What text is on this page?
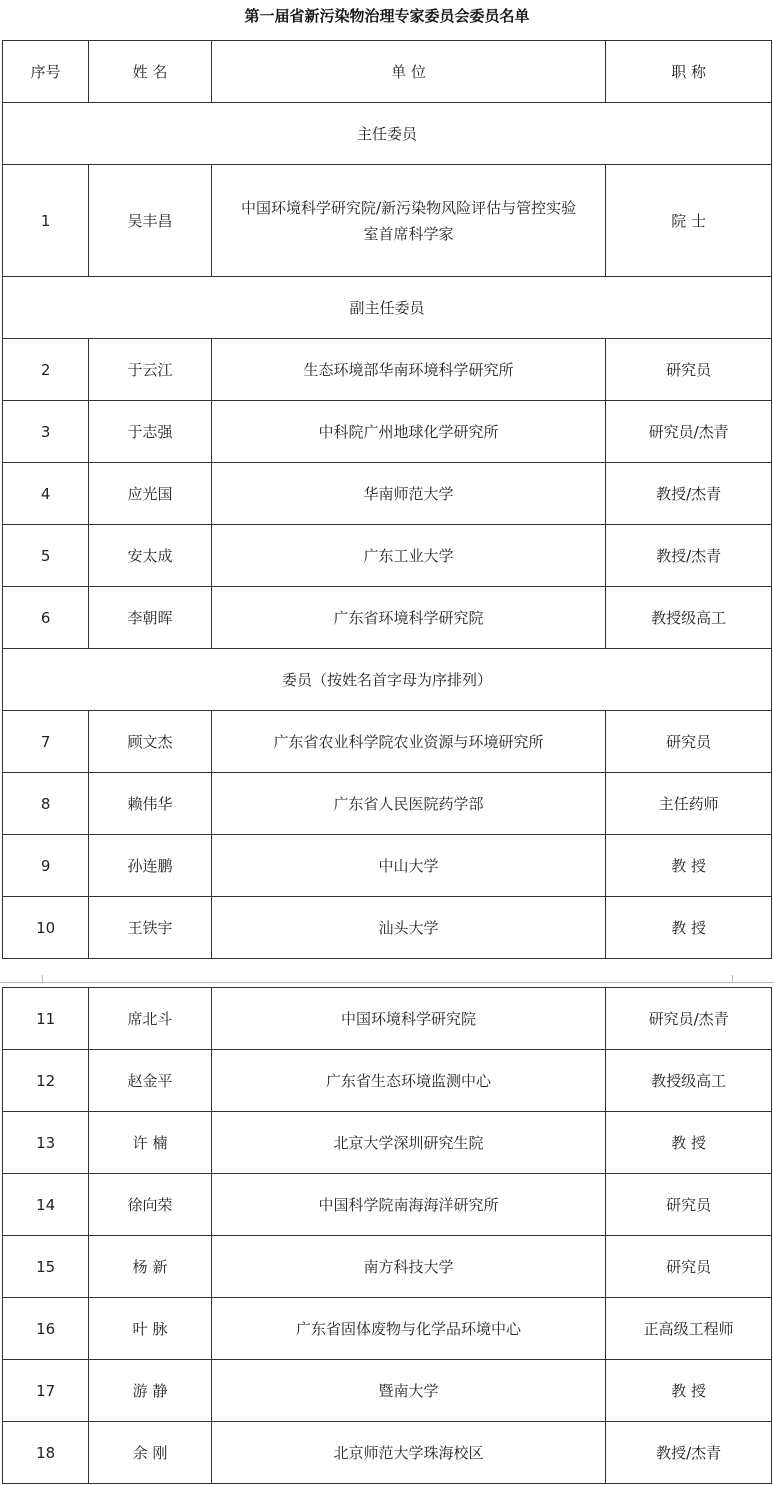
第一届省新污染物治理专家委员会委员名单
序号	姓 名	单 位	职 称
主任委员			
1	吴丰昌	中国环境科学研究院/新污染物风险评估与管控实验
室首席科学家	院 士
副主任委员			
2	于云江	生态环境部华南环境科学研究所	研究员
3	于志强	中科院广州地球化学研究所	研究员/杰青
4	应光国	华南师范大学	教授/杰青
5	安太成	广东工业大学	教授/杰青
6	李朝晖	广东省环境科学研究院	教授级高工
委员（按姓名首字母为序排列）			
7	顾文杰	广东省农业科学院农业资源与环境研究所	研究员
8	赖伟华	广东省人民医院药学部	主任药师
9	孙连鹏	中山大学	教 授
10	王铁宇	汕头大学	教 授
11	席北斗	中国环境科学研究院	研究员/杰青
12	赵金平	广东省生态环境监测中心	教授级高工
13	许 楠	北京大学深圳研究生院	教 授
14	徐向荣	中国科学院南海海洋研究所	研究员
15	杨 新	南方科技大学	研究员
16	叶 脉	广东省固体废物与化学品环境中心	正高级工程师
17	游 静	暨南大学	教 授
18	余 刚	北京师范大学珠海校区	教授/杰青
